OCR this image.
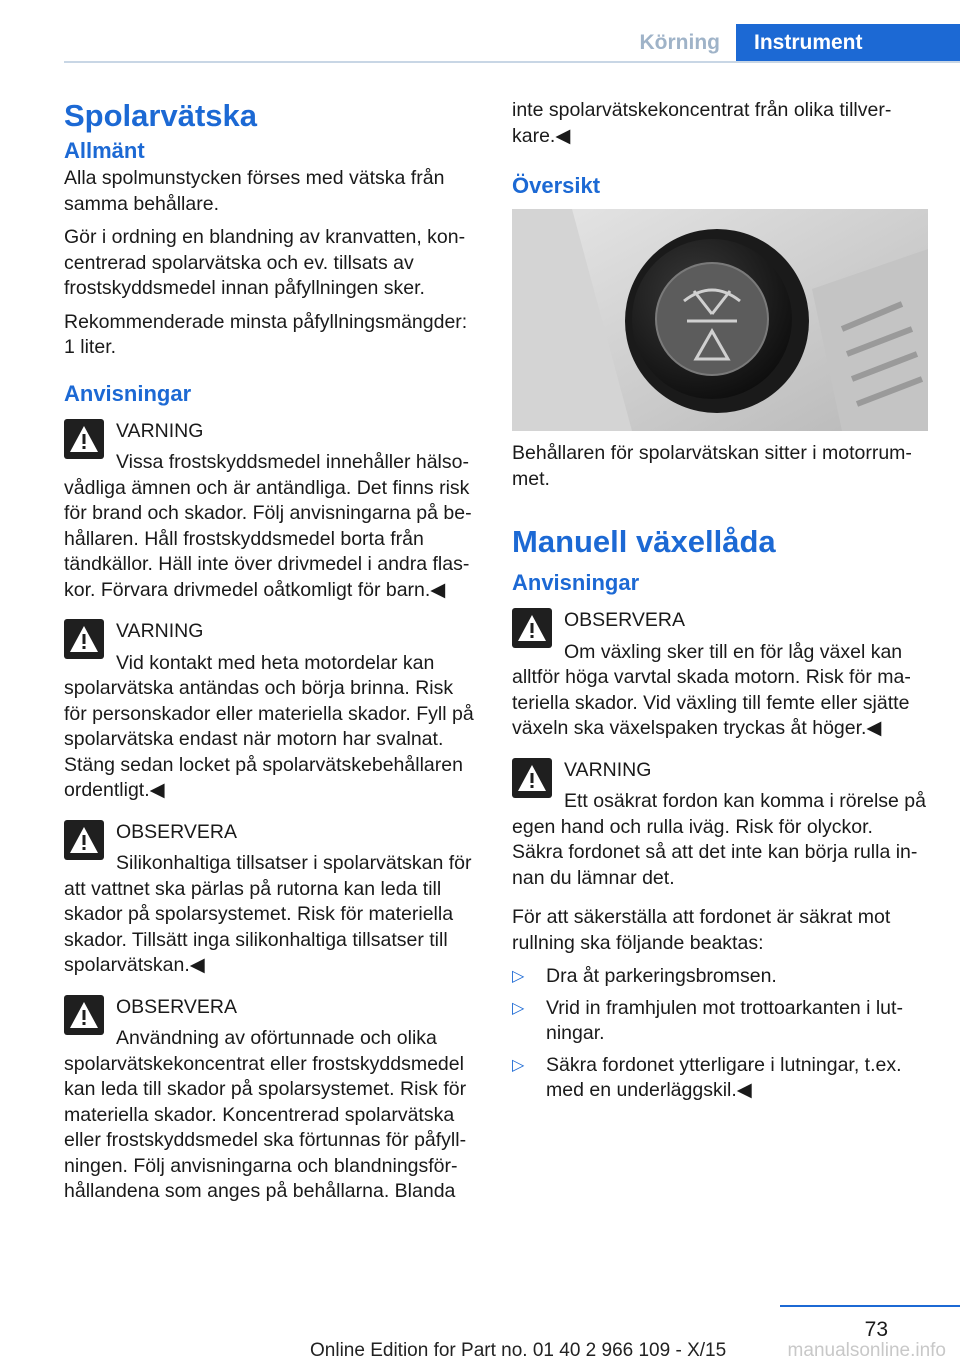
Körning	Instrument
Spolarvätska
Allmänt

Alla spolmunstycken förses med vätska från samma behållare.

Gör i ordning en blandning av kranvatten, koncentrerad spolarvätska och ev. tillsats av frostskyddsmedel innan påfyllningen sker.

Rekommenderade minsta påfyllningsmängder: 1 liter.

Anvisningar
VARNING

Vissa frostskyddsmedel innehåller hälsovådliga ämnen och är antändliga. Det finns risk för brand och skador. Följ anvisningarna på behållaren. Håll frostskyddsmedel borta från tändkällor. Häll inte över drivmedel i andra flaskor. Förvara drivmedel oåtkomligt för barn.◀

VARNING

Vid kontakt med heta motordelar kan spolarvätska antändas och börja brinna. Risk för personskador eller materiella skador. Fyll på spolarvätska endast när motorn har svalnat. Stäng sedan locket på spolarvätskebehållaren ordentligt.◀

OBSERVERA

Silikonhaltiga tillsatser i spolarvätskan för att vattnet ska pärlas på rutorna kan leda till skador på spolarsystemet. Risk för materiella skador. Tillsätt inga silikonhaltiga tillsatser till spolarvätskan.◀

OBSERVERA

Användning av oförtunnade och olika spolarvätskekoncentrat eller frostskyddsmedel kan leda till skador på spolarsystemet. Risk för materiella skador. Koncentrerad spolarvätska eller frostskyddsmedel ska förtunnas för påfyllningen. Följ anvisningarna och blandningsförhållandena som anges på behållarna. Blanda

inte spolarvätskekoncentrat från olika tillverkare.◀

Översikt

Behållaren för spolarvätskan sitter i motorrummet.

Manuell växellåda
Anvisningar
OBSERVERA

Om växling sker till en för låg växel kan alltför höga varvtal skada motorn. Risk för materiella skador. Vid växling till femte eller sjätte växeln ska växelspaken tryckas åt höger.◀

VARNING

Ett osäkrat fordon kan komma i rörelse på egen hand och rulla iväg. Risk för olyckor. Säkra fordonet så att det inte kan börja rulla innan du lämnar det.

För att säkerställa att fordonet är säkrat mot rullning ska följande beaktas:

▷ Dra åt parkeringsbromsen.
▷ Vrid in framhjulen mot trottoarkanten i lutningar.
▷ Säkra fordonet ytterligare i lutningar, t.ex. med en underläggskil.◀
73
Online Edition for Part no. 01 40 2 966 109 - X/15	manualsonline.info
